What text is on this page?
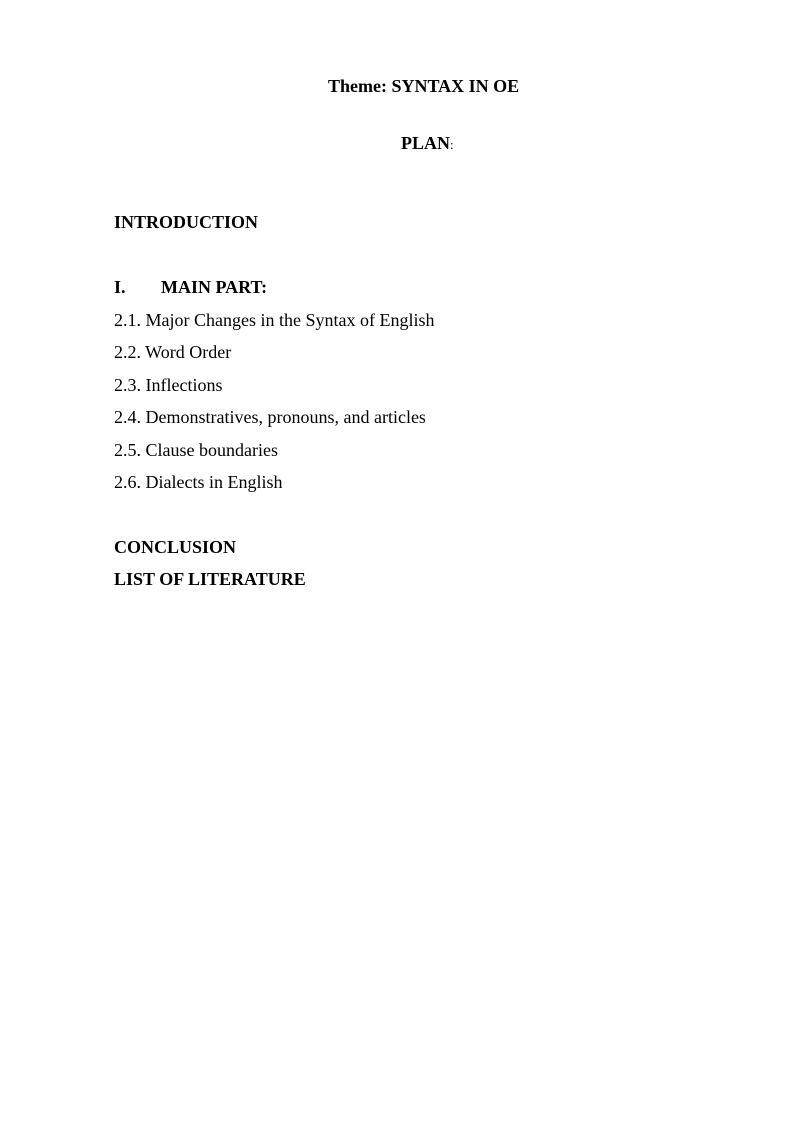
Theme: SYNTAX IN OE
PLAN:
INTRODUCTION
I. MAIN PART:
2.1. Major Changes in the Syntax of English
2.2. Word Order
2.3. Inflections
2.4. Demonstratives, pronouns, and articles
2.5. Clause boundaries
2.6. Dialects in English
CONCLUSION
LIST OF LITERATURE
